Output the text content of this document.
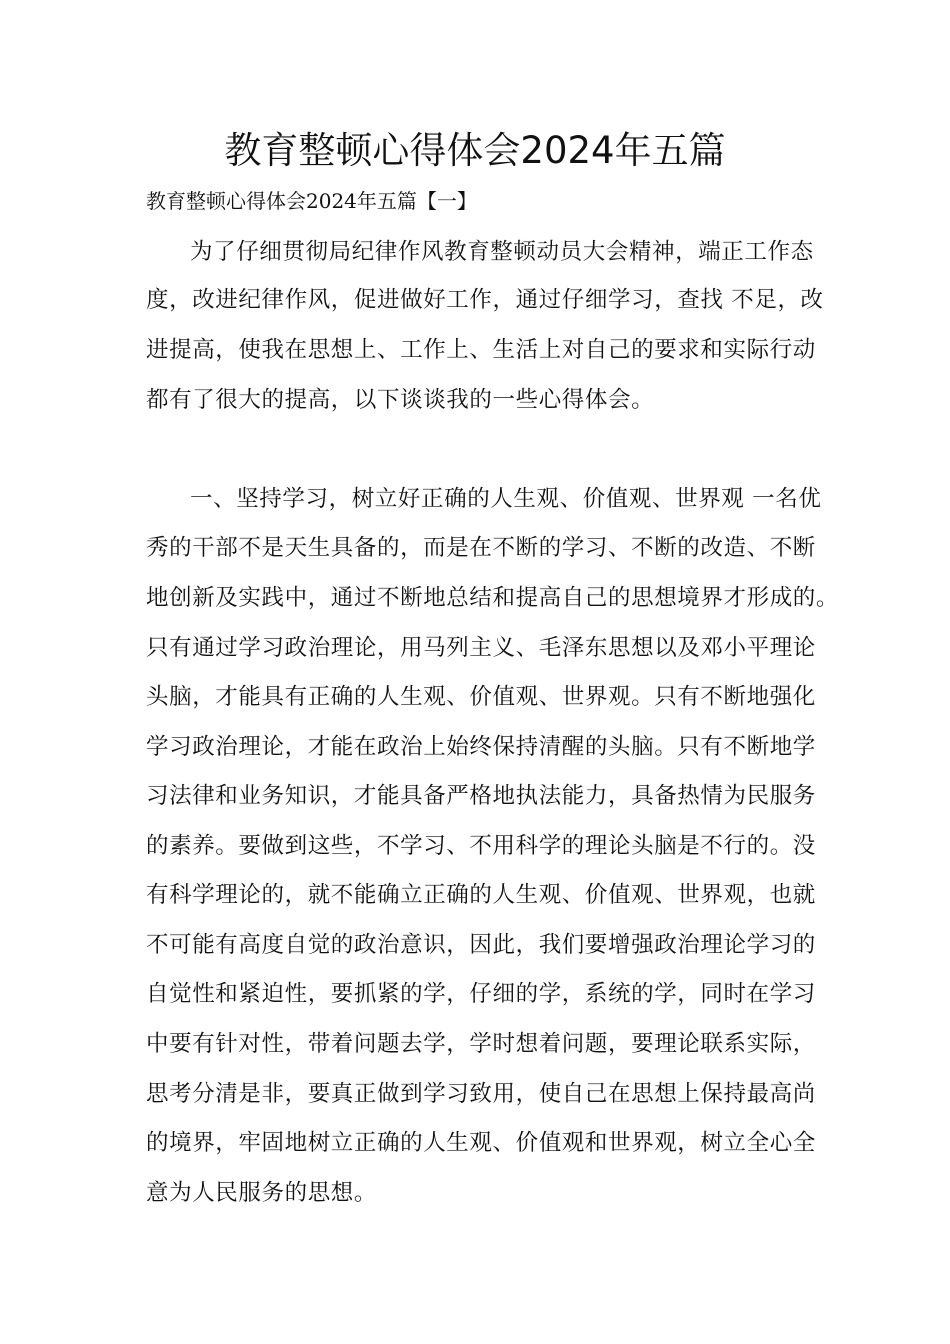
教育整顿心得体会2024年五篇
教育整顿心得体会2024年五篇【一】
为了仔细贯彻局纪律作风教育整顿动员大会精神，端正工作态
度，改进纪律作风，促进做好工作，通过仔细学习，查找 不足，改
进提高，使我在思想上、工作上、生活上对自己的要求和实际行动
都有了很大的提高，以下谈谈我的一些心得体会。
一、坚持学习，树立好正确的人生观、价值观、世界观 一名优
秀的干部不是天生具备的，而是在不断的学习、不断的改造、不断
地创新及实践中，通过不断地总结和提高自己的思想境界才形成的。
只有通过学习政治理论，用马列主义、毛泽东思想以及邓小平理论
头脑，才能具有正确的人生观、价值观、世界观。只有不断地强化
学习政治理论，才能在政治上始终保持清醒的头脑。只有不断地学
习法律和业务知识，才能具备严格地执法能力，具备热情为民服务
的素养。要做到这些，不学习、不用科学的理论头脑是不行的。没
有科学理论的，就不能确立正确的人生观、价值观、世界观，也就
不可能有高度自觉的政治意识，因此，我们要增强政治理论学习的
自觉性和紧迫性，要抓紧的学，仔细的学，系统的学，同时在学习
中要有针对性，带着问题去学，学时想着问题，要理论联系实际，
思考分清是非，要真正做到学习致用，使自己在思想上保持最高尚
的境界，牢固地树立正确的人生观、价值观和世界观，树立全心全
意为人民服务的思想。
